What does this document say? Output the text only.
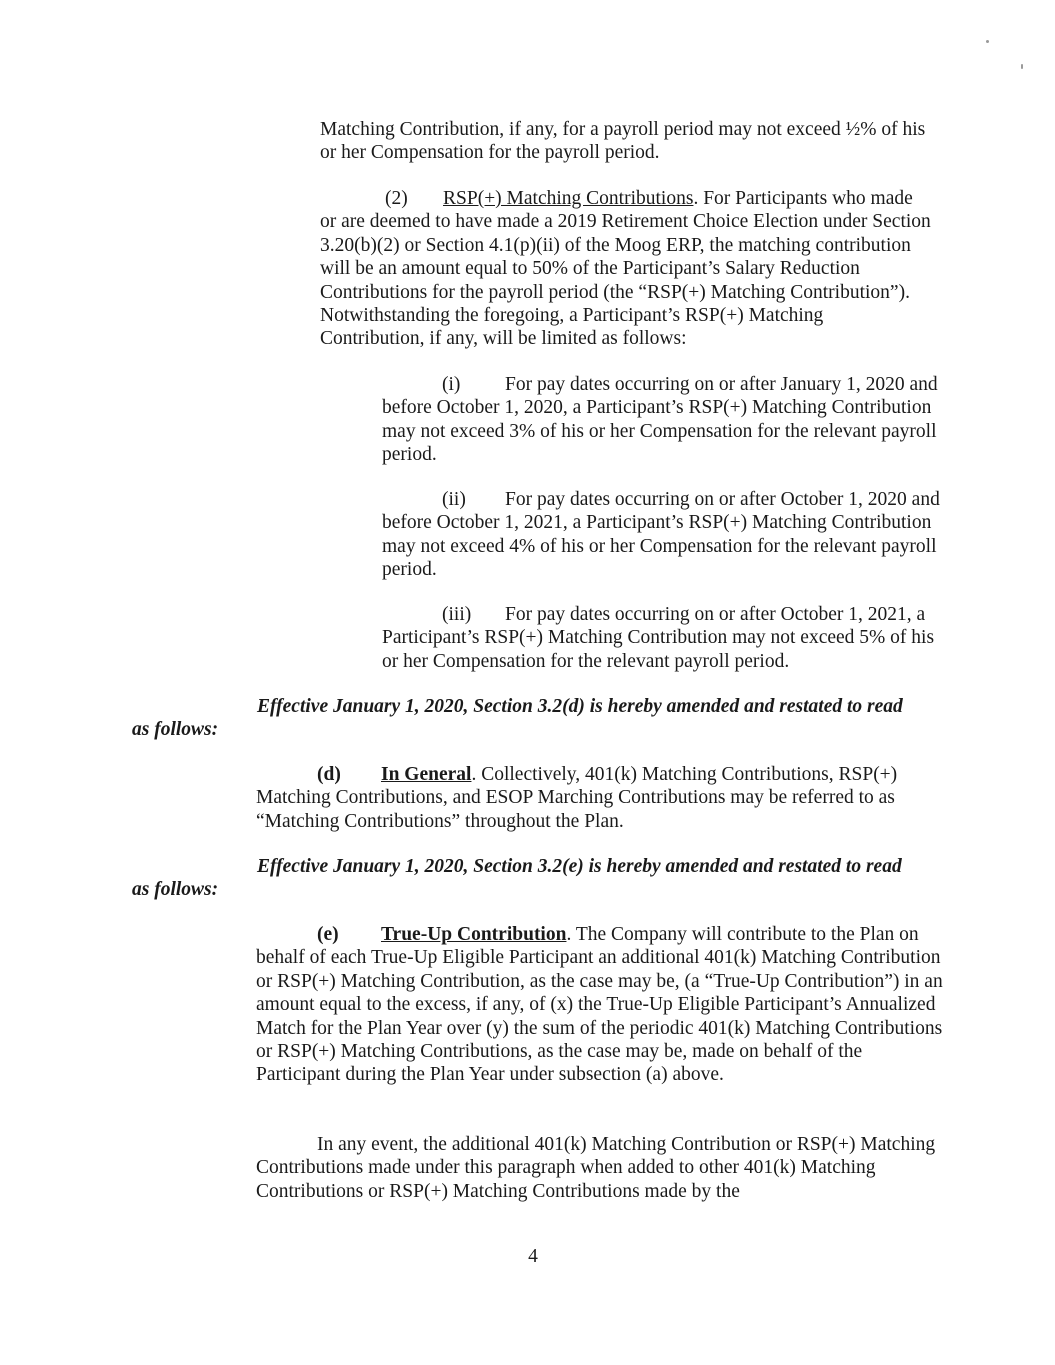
Matching Contribution, if any, for a payroll period may not exceed ½% of his or her Compensation for the payroll period.

(2) RSP(+) Matching Contributions. For Participants who made or are deemed to have made a 2019 Retirement Choice Election under Section 3.20(b)(2) or Section 4.1(p)(ii) of the Moog ERP, the matching contribution will be an amount equal to 50% of the Participant’s Salary Reduction Contributions for the payroll period (the “RSP(+) Matching Contribution”). Notwithstanding the foregoing, a Participant’s RSP(+) Matching Contribution, if any, will be limited as follows:

(i) For pay dates occurring on or after January 1, 2020 and before October 1, 2020, a Participant’s RSP(+) Matching Contribution may not exceed 3% of his or her Compensation for the relevant payroll period.

(ii) For pay dates occurring on or after October 1, 2020 and before October 1, 2021, a Participant’s RSP(+) Matching Contribution may not exceed 4% of his or her Compensation for the relevant payroll period.

(iii) For pay dates occurring on or after October 1, 2021, a Participant’s RSP(+) Matching Contribution may not exceed 5% of his or her Compensation for the relevant payroll period.

Effective January 1, 2020, Section 3.2(d) is hereby amended and restated to read as follows:

(d) In General. Collectively, 401(k) Matching Contributions, RSP(+) Matching Contributions, and ESOP Marching Contributions may be referred to as “Matching Contributions” throughout the Plan.

Effective January 1, 2020, Section 3.2(e) is hereby amended and restated to read as follows:

(e) True-Up Contribution. The Company will contribute to the Plan on behalf of each True-Up Eligible Participant an additional 401(k) Matching Contribution or RSP(+) Matching Contribution, as the case may be, (a “True-Up Contribution”) in an amount equal to the excess, if any, of (x) the True-Up Eligible Participant’s Annualized Match for the Plan Year over (y) the sum of the periodic 401(k) Matching Contributions or RSP(+) Matching Contributions, as the case may be, made on behalf of the Participant during the Plan Year under subsection (a) above.

In any event, the additional 401(k) Matching Contribution or RSP(+) Matching Contributions made under this paragraph when added to other 401(k) Matching Contributions or RSP(+) Matching Contributions made by the

4
